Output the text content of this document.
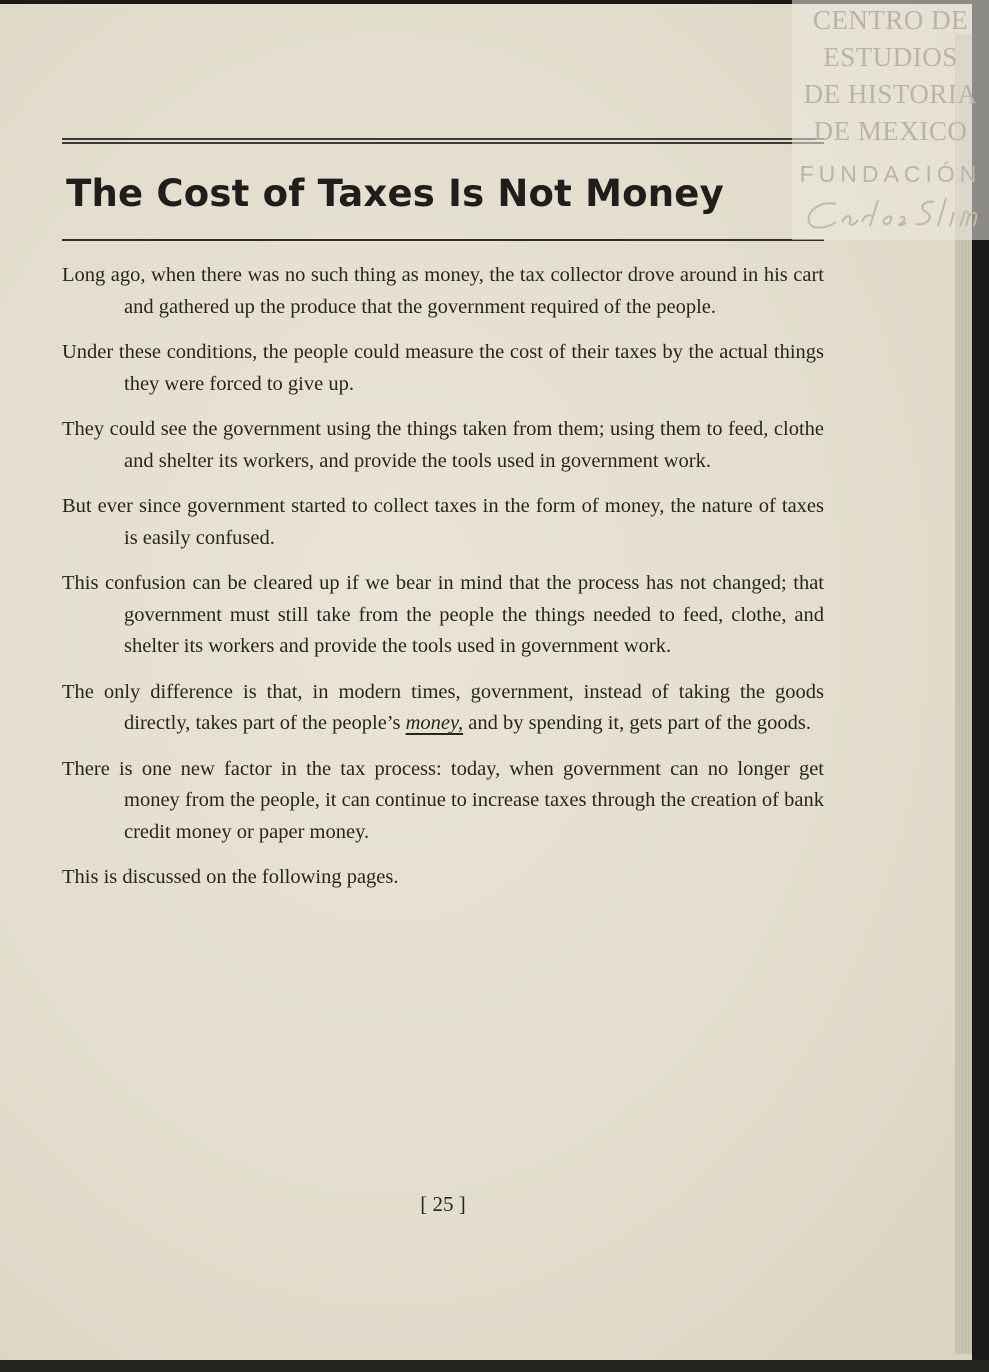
The Cost of Taxes Is Not Money

Long ago, when there was no such thing as money, the tax collector drove around in his cart and gathered up the produce that the government required of the people.

Under these conditions, the people could measure the cost of their taxes by the actual things they were forced to give up.

They could see the government using the things taken from them; using them to feed, clothe and shelter its workers, and provide the tools used in government work.

But ever since government started to collect taxes in the form of money, the nature of taxes is easily confused.

This confusion can be cleared up if we bear in mind that the process has not changed; that government must still take from the people the things needed to feed, clothe, and shelter its workers and provide the tools used in government work.

The only difference is that, in modern times, government, instead of taking the goods directly, takes part of the people’s money, and by spending it, gets part of the goods.

There is one new factor in the tax process: today, when government can no longer get money from the people, it can continue to increase taxes through the creation of bank credit money or paper money.

This is discussed on the following pages.

[ 25 ]
CENTRO DE
ESTUDIOS
DE HISTORIA
DE MEXICO
FUNDACIÓN
